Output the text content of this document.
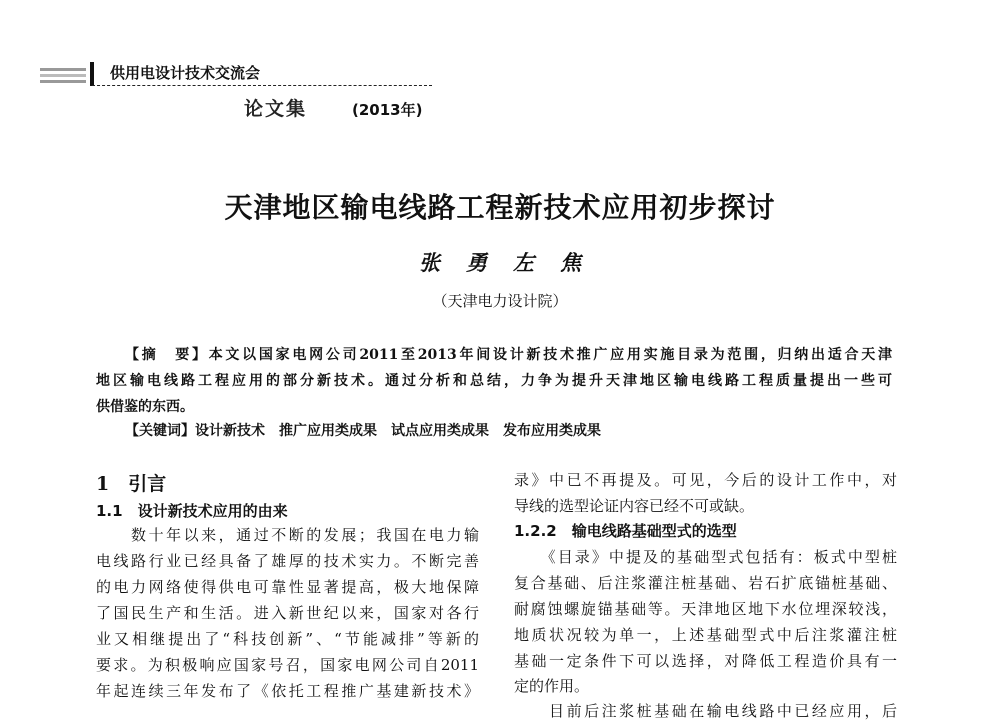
供用电设计技术交流会
论文集	(2013年)
天津地区输电线路工程新技术应用初步探讨
张勇左焦
（天津电力设计院）
【摘　要】本文以国家电网公司2011至2013年间设计新技术推广应用实施目录为范围，归纳出适合天津
地区输电线路工程应用的部分新技术。通过分析和总结，力争为提升天津地区输电线路工程质量提出一些可
供借鉴的东西。
【关键词】设计新技术　推广应用类成果　试点应用类成果　发布应用类成果
1　引言
1.1　设计新技术应用的由来
　　数十年以来，通过不断的发展；我国在电力输
电线路行业已经具备了雄厚的技术实力。不断完善
的电力网络使得供电可靠性显著提高，极大地保障
了国民生产和生活。进入新世纪以来，国家对各行
业又相继提出了“科技创新”、“节能减排”等新的
要求。为积极响应国家号召，国家电网公司自2011
年起连续三年发布了《依托工程推广基建新技术》
录》中已不再提及。可见，今后的设计工作中，对
导线的选型论证内容已经不可或缺。
1.2.2　输电线路基础型式的选型
　　《目录》中提及的基础型式包括有：板式中型桩
复合基础、后注浆灌注桩基础、岩石扩底锚桩基础、
耐腐蚀螺旋锚基础等。天津地区地下水位埋深较浅，
地质状况较为单一，上述基础型式中后注浆灌注桩
基础一定条件下可以选择，对降低工程造价具有一
定的作用。
　　目前后注浆桩基础在输电线路中已经应用，后
